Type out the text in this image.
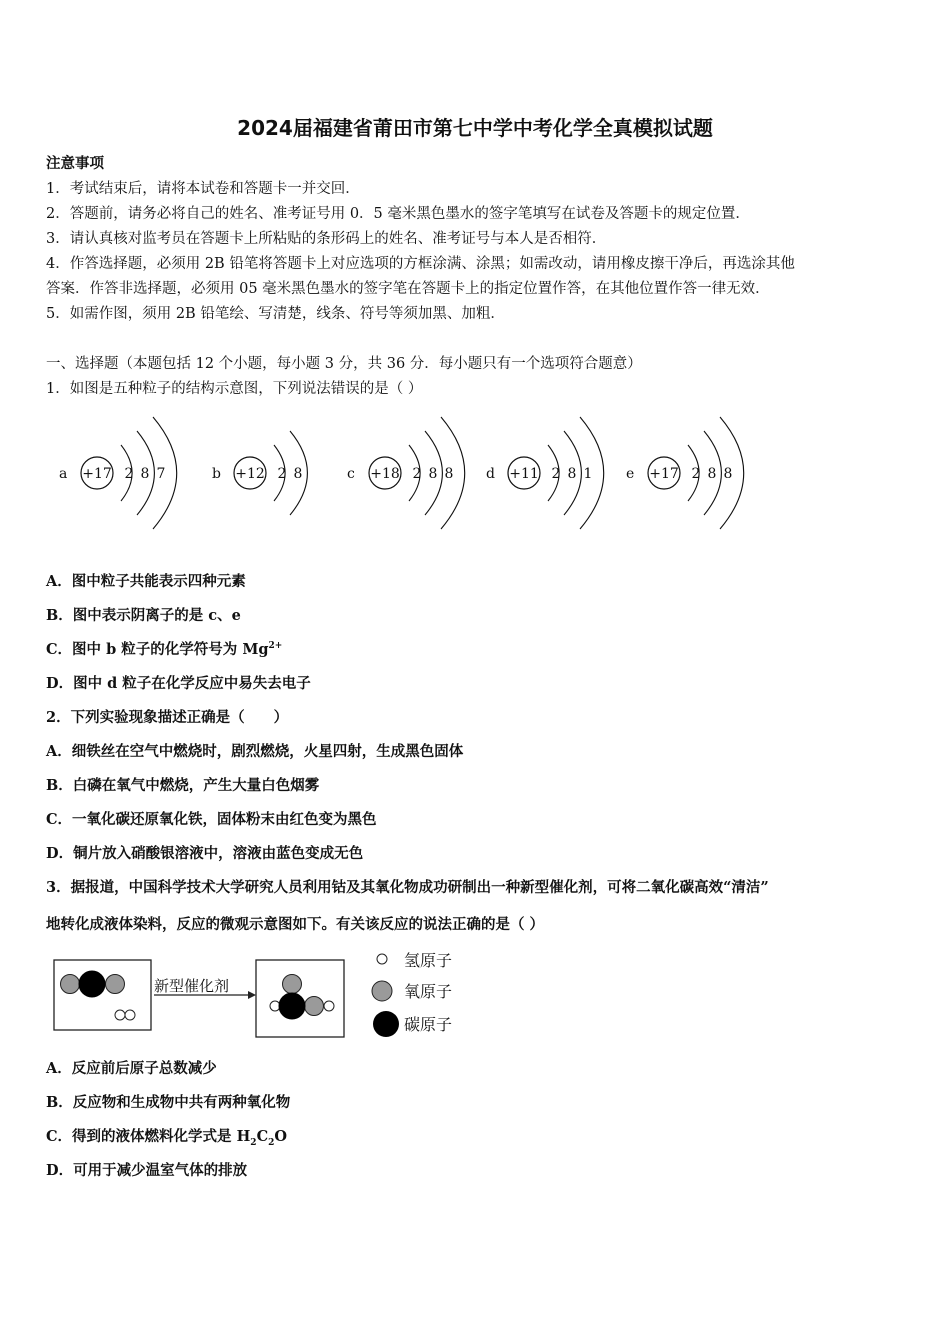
2024届福建省莆田市第七中学中考化学全真模拟试题
注意事项
1．考试结束后，请将本试卷和答题卡一并交回．
2．答题前，请务必将自己的姓名、准考证号用 0．5 毫米黑色墨水的签字笔填写在试卷及答题卡的规定位置．
3．请认真核对监考员在答题卡上所粘贴的条形码上的姓名、准考证号与本人是否相符．
4．作答选择题，必须用 2B 铅笔将答题卡上对应选项的方框涂满、涂黑；如需改动，请用橡皮擦干净后，再选涂其他
答案．作答非选择题，必须用 05 毫米黑色墨水的签字笔在答题卡上的指定位置作答，在其他位置作答一律无效．
5．如需作图，须用 2B 铅笔绘、写清楚，线条、符号等须加黑、加粗．
一、选择题（本题包括 12 个小题，每小题 3 分，共 36 分．每小题只有一个选项符合题意）
1．如图是五种粒子的结构示意图，下列说法错误的是（ ）
a +17 2 8 7	b +12 2 8	c +18 2 8 8 d +11 2 8 1 e +17 2 8 8
A．图中粒子共能表示四种元素
B．图中表示阴离子的是 c、e
C．图中 b 粒子的化学符号为 $Mg^{2+}$
D．图中 d 粒子在化学反应中易失去电子
2．下列实验现象描述正确是（　　）
A．细铁丝在空气中燃烧时，剧烈燃烧，火星四射，生成黑色固体
B．白磷在氧气中燃烧，产生大量白色烟雾
C．一氧化碳还原氧化铁，固体粉末由红色变为黑色
D．铜片放入硝酸银溶液中，溶液由蓝色变成无色
3．据报道，中国科学技术大学研究人员利用钴及其氧化物成功研制出一种新型催化剂，可将二氧化碳高效“清洁”
地转化成液体染料，反应的微观示意图如下。有关该反应的说法正确的是（ ）
新型催化剂
氢原子
氧原子
碳原子
A．反应前后原子总数减少
B．反应物和生成物中共有两种氧化物
C．得到的液体燃料化学式是 $H_2C_2O$
D．可用于减少温室气体的排放
